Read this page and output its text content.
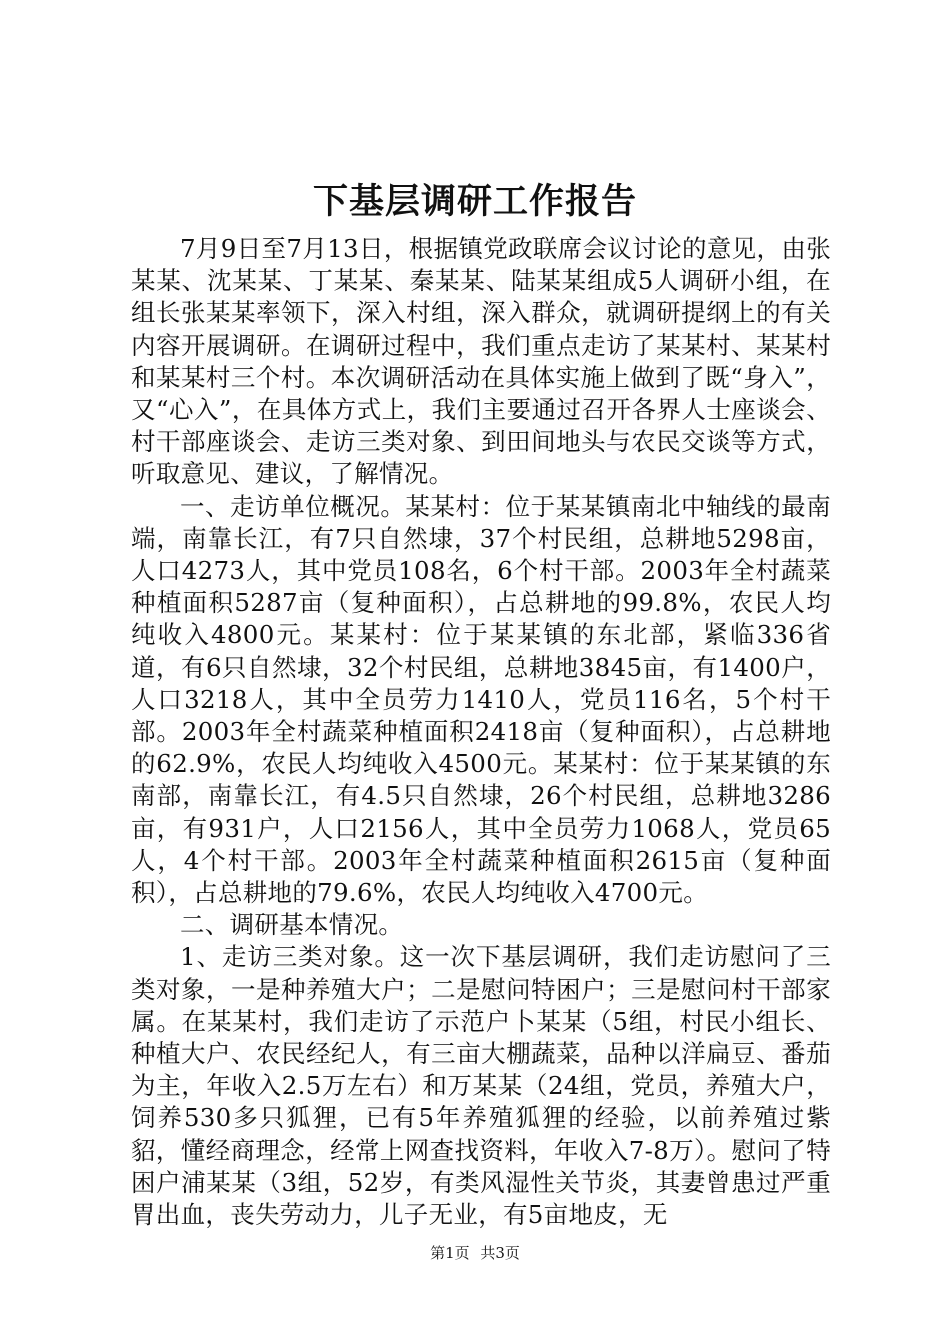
下基层调研工作报告

7月9日至7月13日，根据镇党政联席会议讨论的意见，由张某某、沈某某、丁某某、秦某某、陆某某组成5人调研小组，在组长张某某率领下，深入村组，深入群众，就调研提纲上的有关内容开展调研。在调研过程中，我们重点走访了某某村、某某村和某某村三个村。本次调研活动在具体实施上做到了既“身入”，又“心入”，在具体方式上，我们主要通过召开各界人士座谈会、村干部座谈会、走访三类对象、到田间地头与农民交谈等方式，听取意见、建议，了解情况。

一、走访单位概况。某某村：位于某某镇南北中轴线的最南端，南靠长江，有7只自然埭，37个村民组，总耕地5298亩，人口4273人，其中党员108名，6个村干部。2003年全村蔬菜种植面积5287亩（复种面积），占总耕地的99.8%，农民人均纯收入4800元。某某村：位于某某镇的东北部，紧临336省道，有6只自然埭，32个村民组，总耕地3845亩，有1400户，人口3218人，其中全员劳力1410人，党员116名，5个村干部。2003年全村蔬菜种植面积2418亩（复种面积），占总耕地的62.9%，农民人均纯收入4500元。某某村：位于某某镇的东南部，南靠长江，有4.5只自然埭，26个村民组，总耕地3286亩，有931户，人口2156人，其中全员劳力1068人，党员65人，4个村干部。2003年全村蔬菜种植面积2615亩（复种面积），占总耕地的79.6%，农民人均纯收入4700元。

二、调研基本情况。

1、走访三类对象。这一次下基层调研，我们走访慰问了三类对象，一是种养殖大户；二是慰问特困户；三是慰问村干部家属。在某某村，我们走访了示范户卜某某（5组，村民小组长、种植大户、农民经纪人，有三亩大棚蔬菜，品种以洋扁豆、番茄为主，年收入2.5万左右）和万某某（24组，党员，养殖大户，饲养530多只狐狸，已有5年养殖狐狸的经验，以前养殖过紫貂，懂经商理念，经常上网查找资料，年收入7-8万）。慰问了特困户浦某某（3组，52岁，有类风湿性关节炎，其妻曾患过严重胃出血，丧失劳动力，儿子无业，有5亩地皮，无

第1页 共3页
